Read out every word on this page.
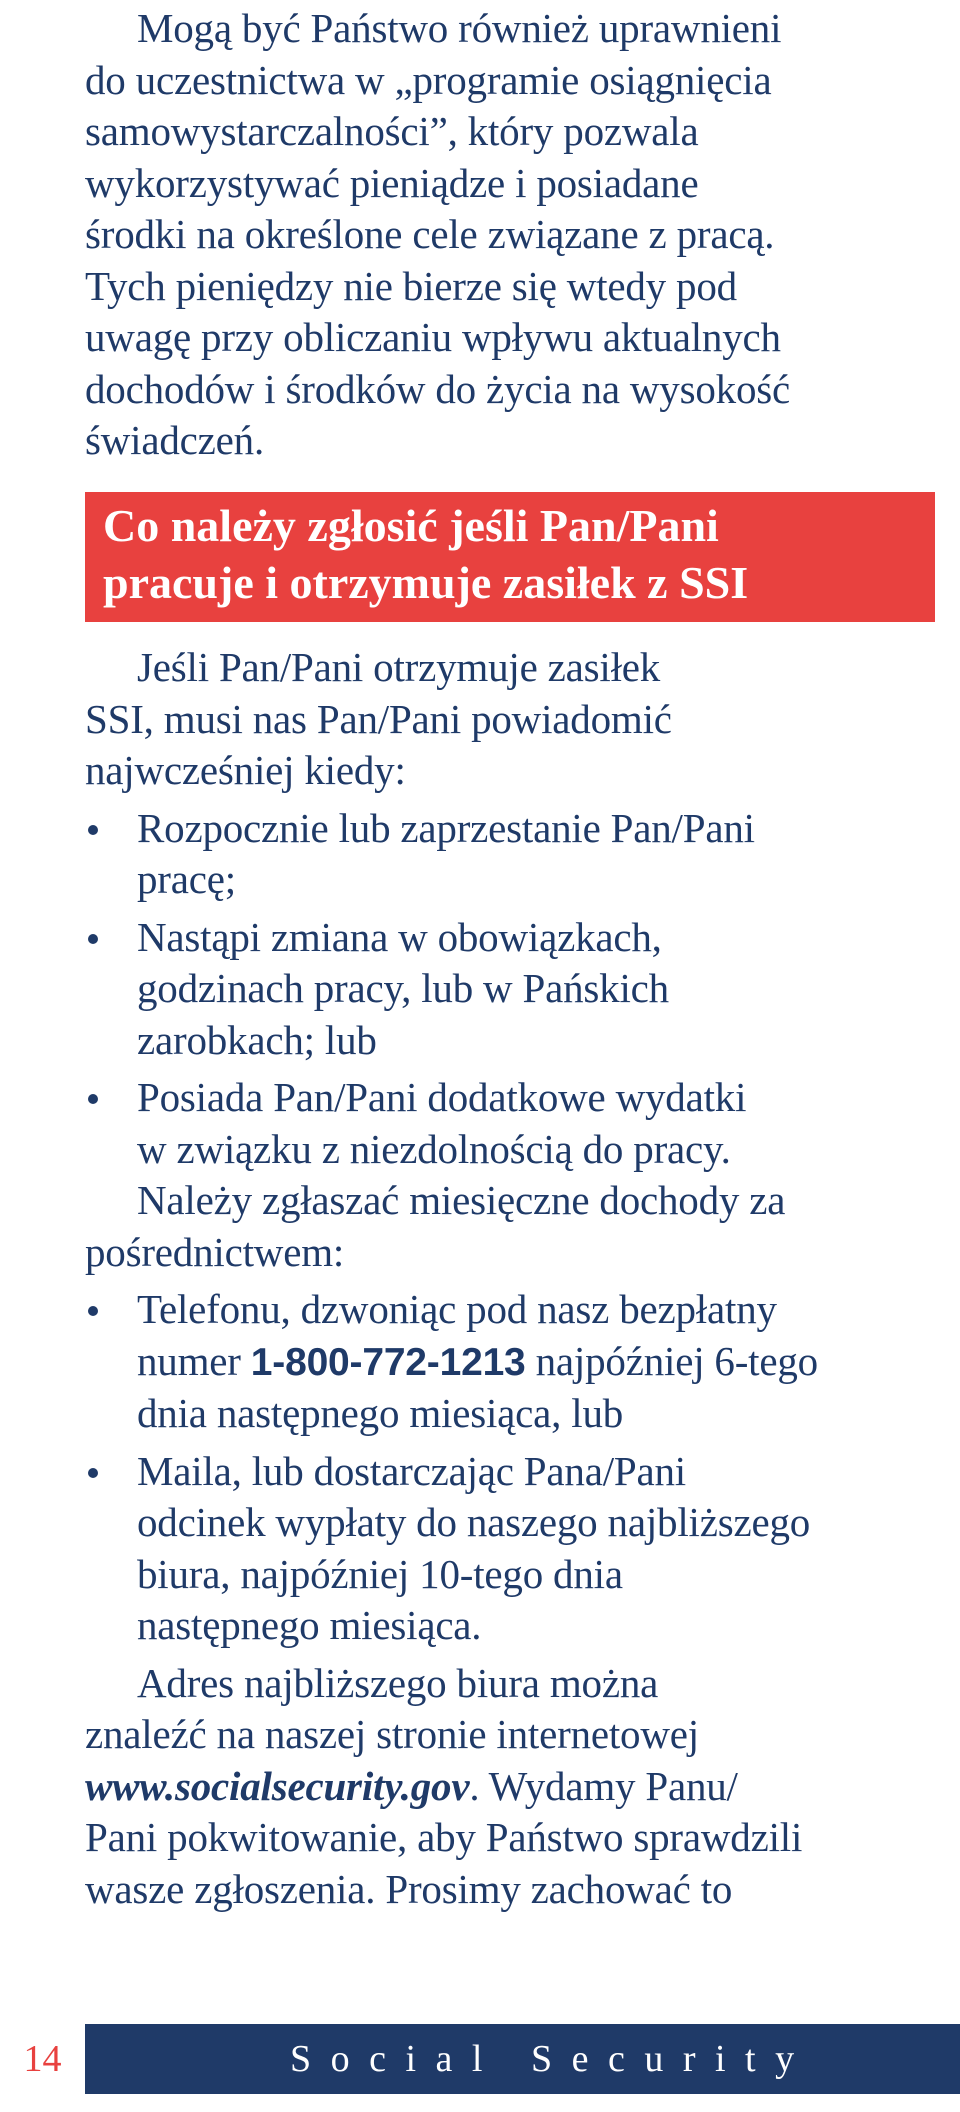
Mogą być Państwo również uprawnieni
do uczestnictwa w „programie osiągnięcia
samowystarczalności”, który pozwala
wykorzystywać pieniądze i posiadane
środki na określone cele związane z pracą.
Tych pieniędzy nie bierze się wtedy pod
uwagę przy obliczaniu wpływu aktualnych
dochodów i środków do życia na wysokość
świadczeń.

Co należy zgłosić jeśli Pan/Pani
pracuje i otrzymuje zasiłek z SSI

Jeśli Pan/Pani otrzymuje zasiłek
SSI, musi nas Pan/Pani powiadomić
najwcześniej kiedy:

Rozpocznie lub zaprzestanie Pan/Pani
pracę;
Nastąpi zmiana w obowiązkach,
godzinach pracy, lub w Pańskich
zarobkach; lub
Posiada Pan/Pani dodatkowe wydatki
w związku z niezdolnością do pracy.

Należy zgłaszać miesięczne dochody za
pośrednictwem:

Telefonu, dzwoniąc pod nasz bezpłatny
numer 1-800-772-1213 najpóźniej 6-tego
dnia następnego miesiąca, lub
Maila, lub dostarczając Pana/Pani
odcinek wypłaty do naszego najbliższego
biura, najpóźniej 10-tego dnia
następnego miesiąca.

Adres najbliższego biura można
znaleźć na naszej stronie internetowej
www.socialsecurity.gov. Wydamy Panu/
Pani pokwitowanie, aby Państwo sprawdzili
wasze zgłoszenia. Prosimy zachować to

14	Social Security
